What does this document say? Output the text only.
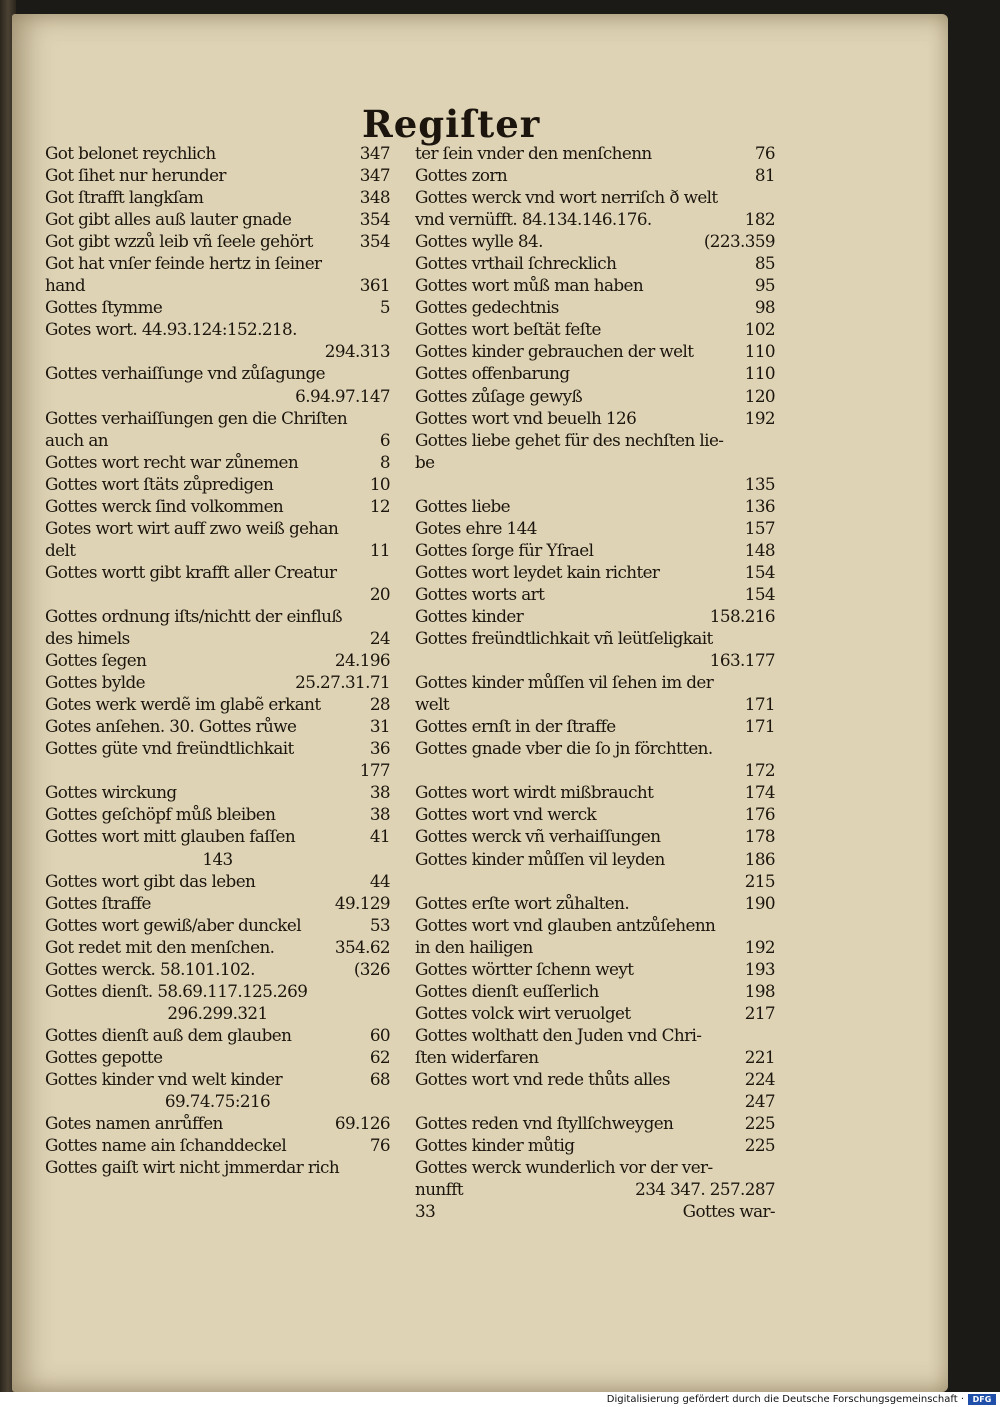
Regiſter
Got belonet reychlich	347
Got ſihet nur herunder	347
Got ſtrafft langkſam	348
Got gibt alles auß lauter gnade	354
Got gibt wzzů leib vñ ſeele gehört	354
Got hat vnſer feinde hertz in ſeiner
hand	361
Gottes ſtymme	5
Gotes wort. 44.93.124:152.218.
294.313
Gottes verhaiſſunge vnd zůſagunge
6.94.97.147
Gottes verhaiſſungen gen die Chriſten
auch an	6
Gottes wort recht war zůnemen	8
Gottes wort ſtäts zůpredigen	10
Gottes werck ſind volkommen	12
Gotes wort wirt auff zwo weiß gehan
delt	11
Gottes wortt gibt krafft aller Creatur
20
Gottes ordnung iſts/nichtt der einfluß
des himels	24
Gottes ſegen	24.196
Gottes bylde	25.27.31.71
Gotes werk werdẽ im glabẽ erkant	28
Gotes anſehen. 30. Gottes růwe	31
Gottes güte vnd freündtlichkait	36
177
Gottes wirckung	38
Gottes geſchöpf můß bleiben	38
Gottes wort mitt glauben faſſen	41
143
Gottes wort gibt das leben	44
Gottes ſtraffe	49.129
Gottes wort gewiß/aber dunckel	53
Got redet mit den menſchen.	354.62
Gottes werck. 58.101.102.	(326
Gottes dienſt. 58.69.117.125.269
296.299.321
Gottes dienſt auß dem glauben	60
Gottes gepotte	62
Gottes kinder vnd welt kinder	68
69.74.75:216
Gotes namen anrůffen	69.126
Gottes name ain ſchanddeckel	76
Gottes gaiſt wirt nicht jmmerdar rich
ter ſein vnder den menſchenn	76
Gottes zorn	81
Gottes werck vnd wort nerriſch ð welt
vnd vernüfft. 84.134.146.176.	182
Gottes wylle 84.	(223.359
Gottes vrthail ſchrecklich	85
Gottes wort můß man haben	95
Gottes gedechtnis	98
Gottes wort beſtät feſte	102
Gottes kinder gebrauchen der welt	110
Gottes offenbarung	110
Gottes zůſage gewyß	120
Gottes wort vnd beuelh 126	192
Gottes liebe gehet für des nechſten lie-
be
135
Gottes liebe	136
Gotes ehre 144	157
Gottes ſorge für Yſrael	148
Gottes wort leydet kain richter	154
Gottes worts art	154
Gottes kinder	158.216
Gottes freündtlichkait vñ leütſeligkait
163.177
Gottes kinder můſſen vil ſehen im der
welt	171
Gottes ernſt in der ſtraffe	171
Gottes gnade vber die ſo jn förchtten.
172
Gottes wort wirdt mißbraucht	174
Gottes wort vnd werck	176
Gottes werck vñ verhaiſſungen	178
Gottes kinder můſſen vil leyden	186
215
Gottes erſte wort zůhalten.	190
Gottes wort vnd glauben antzůſehenn
in den hailigen	192
Gottes wörtter ſchenn weyt	193
Gottes dienſt euſſerlich	198
Gottes volck wirt veruolget	217
Gottes wolthatt den Juden vnd Chri-
ſten widerfaren	221
Gottes wort vnd rede thůts alles	224
247
Gottes reden vnd ſtyllſchweygen	225
Gottes kinder můtig	225
Gottes werck wunderlich vor der ver-
nunfft	234 347. 257.287
33	Gottes war-
Digitalisierung gefördert durch die Deutsche Forschungsgemeinschaft ·	DFG
